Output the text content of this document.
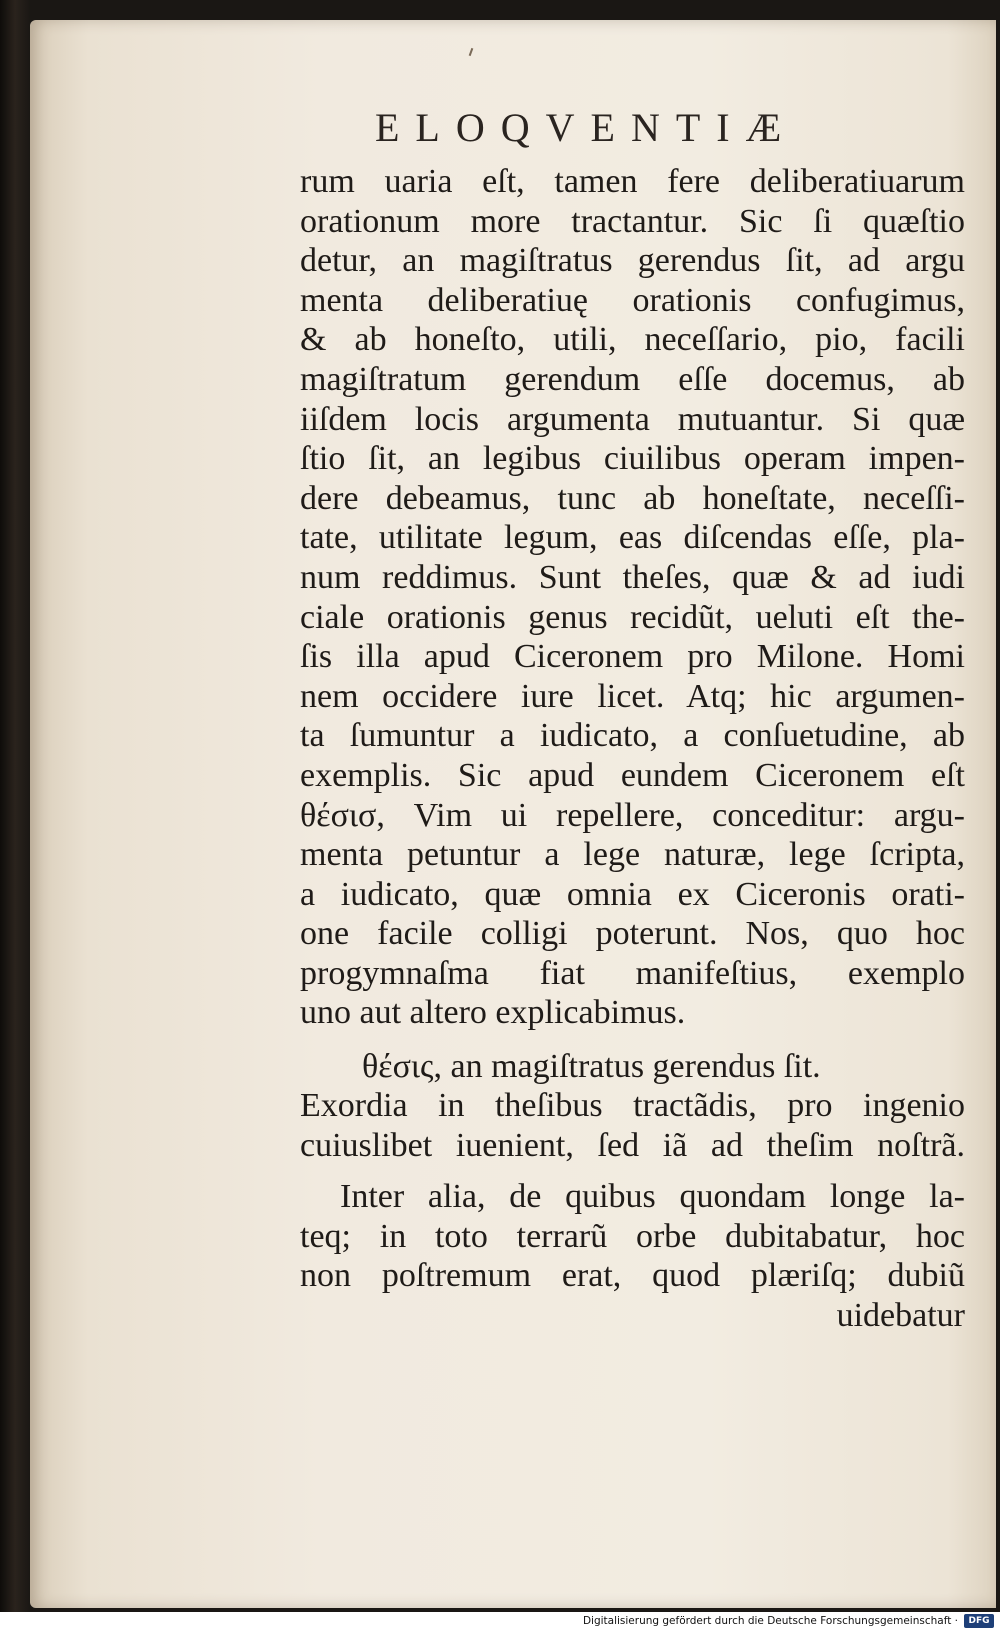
ELOQVENTIÆ
rum uaria eſt, tamen fere deliberatiuarum
orationum more tractantur. Sic ſi quæſtio
detur, an magiſtratus gerendus ſit, ad argu
menta deliberatiuę orationis confugimus,
& ab honeſto, utili, neceſſario, pio, facili
magiſtratum gerendum eſſe docemus, ab
iiſdem locis argumenta mutuantur. Si quæ
ſtio ſit, an legibus ciuilibus operam impen-
dere debeamus, tunc ab honeſtate, neceſſi-
tate, utilitate legum, eas diſcendas eſſe, pla-
num reddimus. Sunt theſes, quæ & ad iudi
ciale orationis genus recidũt, ueluti eſt the-
ſis illa apud Ciceronem pro Milone. Homi
nem occidere iure licet. Atq; hic argumen-
ta ſumuntur a iudicato, a conſuetudine, ab
exemplis. Sic apud eundem Ciceronem eſt
θέσισ, Vim ui repellere, conceditur: argu-
menta petuntur a lege naturæ, lege ſcripta,
a iudicato, quæ omnia ex Ciceronis orati-
one facile colligi poterunt. Nos, quo hoc
progymnaſma fiat manifeſtius, exemplo
uno aut altero explicabimus.
θέσις, an magiſtratus gerendus ſit.
Exordia in theſibus tractãdis, pro ingenio
cuiuslibet iuenient, ſed iã ad theſim noſtrã.
Inter alia, de quibus quondam longe la-
teq; in toto terrarũ orbe dubitabatur, hoc
non poſtremum erat, quod plæriſq; dubiũ
uidebatur
Digitalisierung gefördert durch die Deutsche Forschungsgemeinschaft ·	DFG
